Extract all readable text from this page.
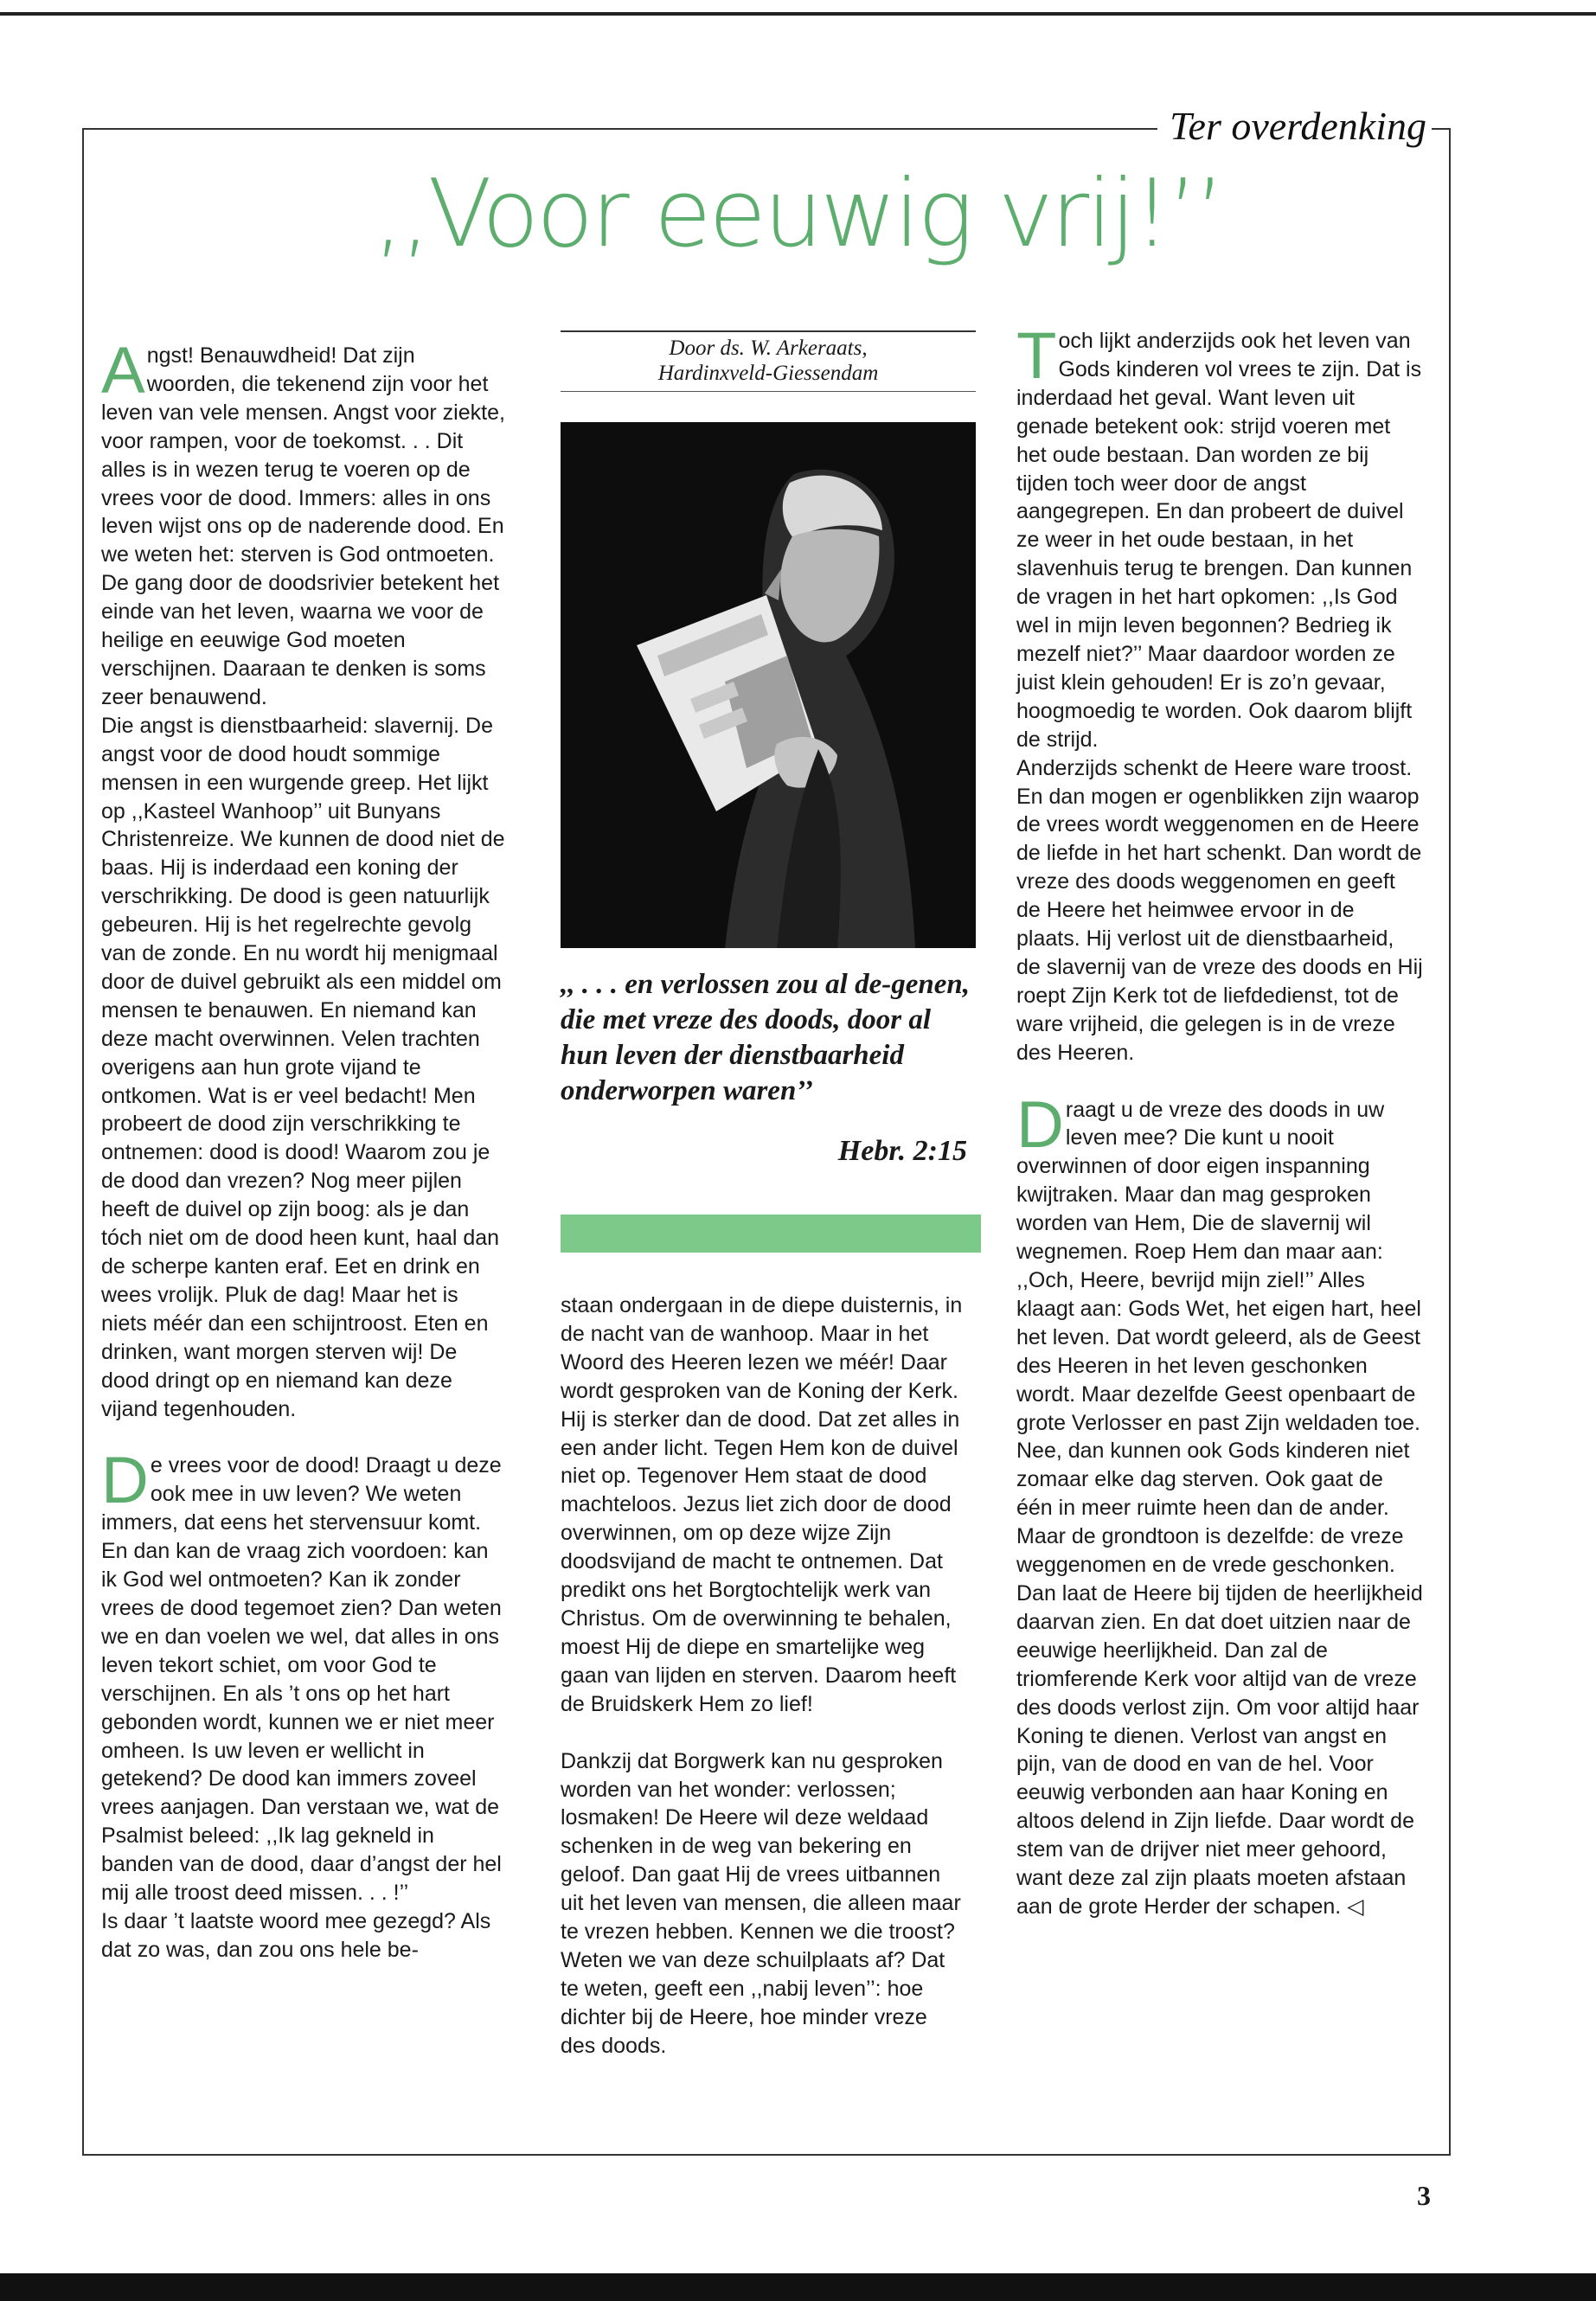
Ter overdenking
,,Voor eeuwig vrij!’’

Angst! Benauwdheid! Dat zijn woorden, die tekenend zijn voor het leven van vele mensen. Angst voor ziekte, voor rampen, voor de toekomst. . . Dit alles is in wezen terug te voeren op de vrees voor de dood. Immers: alles in ons leven wijst ons op de naderende dood. En we weten het: sterven is God ontmoeten. De gang door de doodsrivier betekent het einde van het leven, waarna we voor de heilige en eeuwige God moeten verschijnen. Daaraan te denken is soms zeer benauwend.

Die angst is dienstbaarheid: slavernij. De angst voor de dood houdt sommige mensen in een wurgende greep. Het lijkt op ,,Kasteel Wanhoop’’ uit Bunyans Christenreize. We kunnen de dood niet de baas. Hij is inderdaad een koning der verschrikking. De dood is geen natuurlijk gebeuren. Hij is het regelrechte gevolg van de zonde. En nu wordt hij menigmaal door de duivel gebruikt als een middel om mensen te benauwen. En niemand kan deze macht overwinnen. Velen trachten overigens aan hun grote vijand te ontkomen. Wat is er veel bedacht! Men probeert de dood zijn verschrikking te ontnemen: dood is dood! Waarom zou je de dood dan vrezen? Nog meer pijlen heeft de duivel op zijn boog: als je dan tóch niet om de dood heen kunt, haal dan de scherpe kanten eraf. Eet en drink en wees vrolijk. Pluk de dag! Maar het is niets méér dan een schijntroost. Eten en drinken, want morgen sterven wij! De dood dringt op en niemand kan deze vijand tegenhouden.

De vrees voor de dood! Draagt u deze ook mee in uw leven? We weten immers, dat eens het stervensuur komt. En dan kan de vraag zich voordoen: kan ik God wel ontmoeten? Kan ik zonder vrees de dood tegemoet zien? Dan weten we en dan voelen we wel, dat alles in ons leven tekort schiet, om voor God te verschijnen. En als ’t ons op het hart gebonden wordt, kunnen we er niet meer omheen. Is uw leven er wellicht in getekend? De dood kan immers zoveel vrees aanjagen. Dan verstaan we, wat de Psalmist beleed: ,,Ik lag gekneld in banden van de dood, daar d’angst der hel mij alle troost deed missen. . . !’’

Is daar ’t laatste woord mee gezegd? Als dat zo was, dan zou ons hele be-

Door ds. W. Arkeraats,
Hardinxveld-Giessendam
,, . . . en verlossen zou al de-genen, die met vreze des doods, door al hun leven der dienstbaarheid onderworpen waren’’
Hebr. 2:15

staan ondergaan in de diepe duisternis, in de nacht van de wanhoop. Maar in het Woord des Heeren lezen we méér! Daar wordt gesproken van de Koning der Kerk. Hij is sterker dan de dood. Dat zet alles in een ander licht. Tegen Hem kon de duivel niet op. Tegenover Hem staat de dood machteloos. Jezus liet zich door de dood overwinnen, om op deze wijze Zijn doodsvijand de macht te ontnemen. Dat predikt ons het Borgtochtelijk werk van Christus. Om de overwinning te behalen, moest Hij de diepe en smartelijke weg gaan van lijden en sterven. Daarom heeft de Bruidskerk Hem zo lief!

Dankzij dat Borgwerk kan nu gesproken worden van het wonder: verlossen; losmaken! De Heere wil deze weldaad schenken in de weg van bekering en geloof. Dan gaat Hij de vrees uitbannen uit het leven van mensen, die alleen maar te vrezen hebben. Kennen we die troost? Weten we van deze schuilplaats af? Dat te weten, geeft een ,,nabij leven’’: hoe dichter bij de Heere, hoe minder vreze des doods.

Toch lijkt anderzijds ook het leven van Gods kinderen vol vrees te zijn. Dat is inderdaad het geval. Want leven uit genade betekent ook: strijd voeren met het oude bestaan. Dan worden ze bij tijden toch weer door de angst aangegrepen. En dan probeert de duivel ze weer in het oude bestaan, in het slavenhuis terug te brengen. Dan kunnen de vragen in het hart opkomen: ,,Is God wel in mijn leven begonnen? Bedrieg ik mezelf niet?’’ Maar daardoor worden ze juist klein gehouden! Er is zo’n gevaar, hoogmoedig te worden. Ook daarom blijft de strijd.

Anderzijds schenkt de Heere ware troost. En dan mogen er ogenblikken zijn waarop de vrees wordt weggenomen en de Heere de liefde in het hart schenkt. Dan wordt de vreze des doods weggenomen en geeft de Heere het heimwee ervoor in de plaats. Hij verlost uit de dienstbaarheid, de slavernij van de vreze des doods en Hij roept Zijn Kerk tot de liefdedienst, tot de ware vrijheid, die gelegen is in de vreze des Heeren.

Draagt u de vreze des doods in uw leven mee? Die kunt u nooit overwinnen of door eigen inspanning kwijtraken. Maar dan mag gesproken worden van Hem, Die de slavernij wil wegnemen. Roep Hem dan maar aan: ,,Och, Heere, bevrijd mijn ziel!’’ Alles klaagt aan: Gods Wet, het eigen hart, heel het leven. Dat wordt geleerd, als de Geest des Heeren in het leven geschonken wordt. Maar dezelfde Geest openbaart de grote Verlosser en past Zijn weldaden toe.

Nee, dan kunnen ook Gods kinderen niet zomaar elke dag sterven. Ook gaat de één in meer ruimte heen dan de ander.

Maar de grondtoon is dezelfde: de vreze weggenomen en de vrede geschonken. Dan laat de Heere bij tijden de heerlijkheid daarvan zien. En dat doet uitzien naar de eeuwige heerlijkheid. Dan zal de triomferende Kerk voor altijd van de vreze des doods verlost zijn. Om voor altijd haar Koning te dienen. Verlost van angst en pijn, van de dood en van de hel. Voor eeuwig verbonden aan haar Koning en altoos delend in Zijn liefde. Daar wordt de stem van de drijver niet meer gehoord, want deze zal zijn plaats moeten afstaan aan de grote Herder der schapen. ◁

3
